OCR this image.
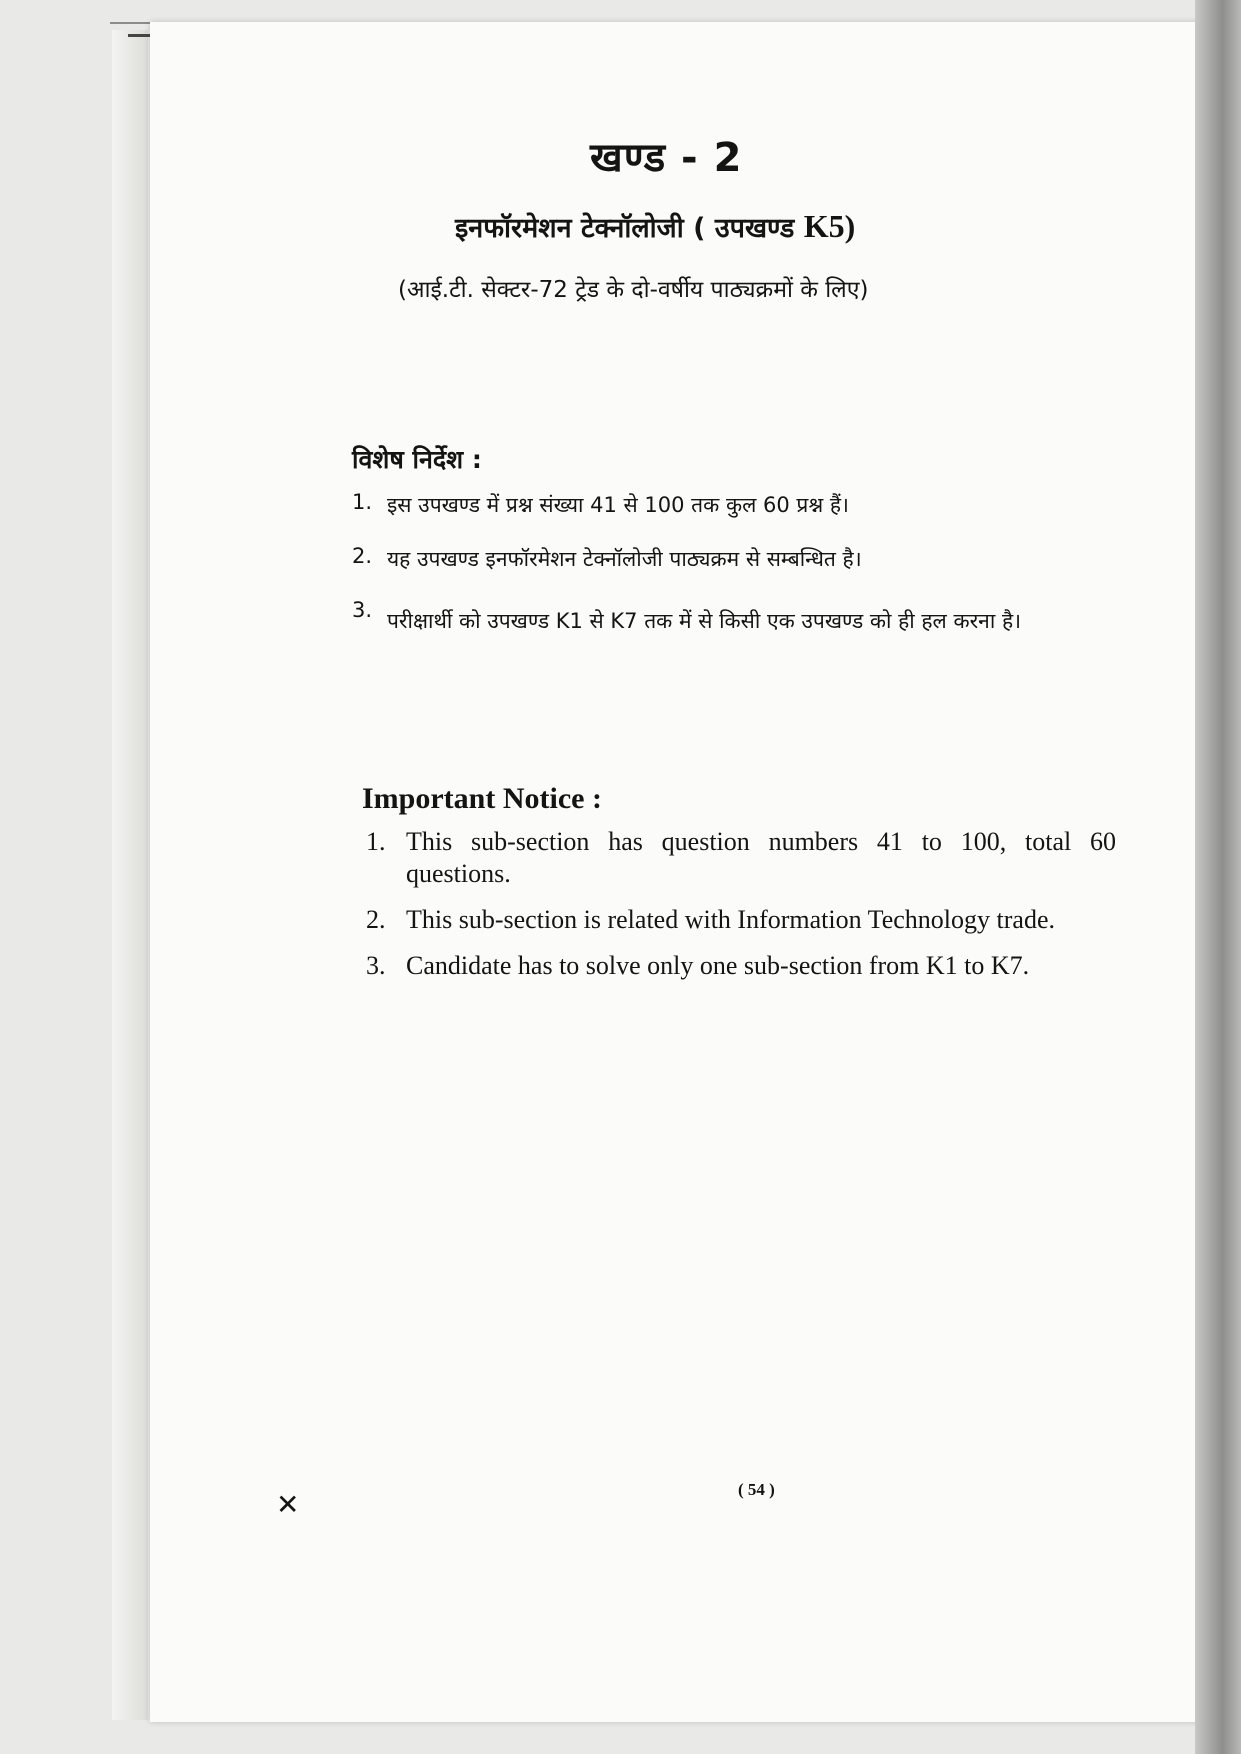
खण्ड - 2
इनफॉरमेशन टेक्नॉलोजी ( उपखण्ड K5)
(आई.टी. सेक्टर-72 ट्रेड के दो-वर्षीय पाठ्यक्रमों के लिए)
विशेष निर्देश :
1. इस उपखण्ड में प्रश्न संख्या 41 से 100 तक कुल 60 प्रश्न हैं।
2. यह उपखण्ड इनफॉरमेशन टेक्नॉलोजी पाठ्यक्रम से सम्बन्धित है।
3. परीक्षार्थी को उपखण्ड K1 से K7 तक में से किसी एक उपखण्ड को ही हल करना है।
Important Notice :
1. This sub-section has question numbers 41 to 100, total 60 questions.
2. This sub-section is related with Information Technology trade.
3. Candidate has to solve only one sub-section from K1 to K7.
✕	( 54 )
